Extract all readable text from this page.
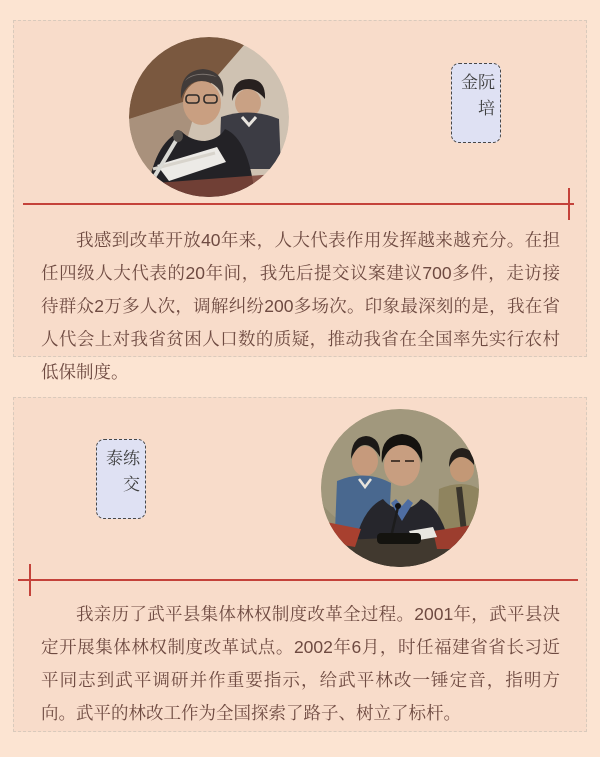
阮培金

我感到改革开放40年来，人大代表作用发挥越来越充分。在担任四级人大代表的20年间，我先后提交议案建议700多件，走访接待群众2万多人次，调解纠纷200多场次。印象最深刻的是，我在省人代会上对我省贫困人口数的质疑，推动我省在全国率先实行农村低保制度。

练交泰

我亲历了武平县集体林权制度改革全过程。2001年，武平县决定开展集体林权制度改革试点。2002年6月，时任福建省省长习近平同志到武平调研并作重要指示，给武平林改一锤定音，指明方向。武平的林改工作为全国探索了路子、树立了标杆。
